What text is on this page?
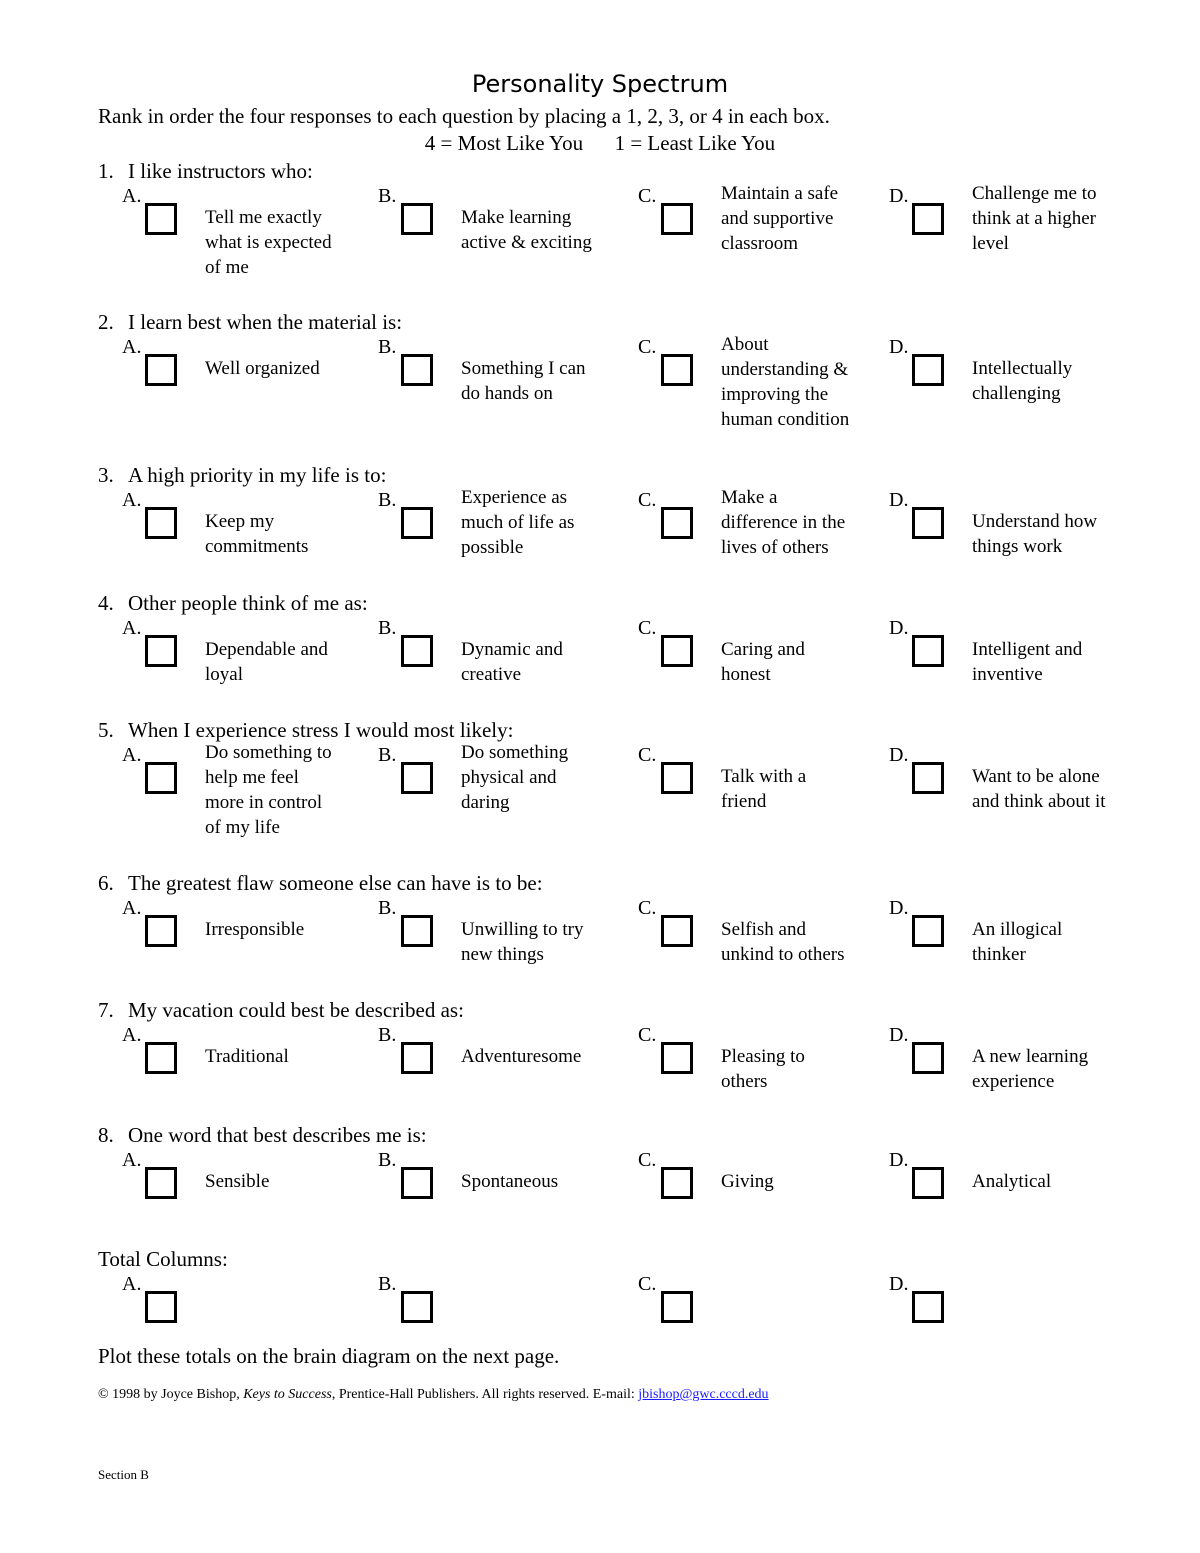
Personality Spectrum
Rank in order the four responses to each question by placing a 1, 2, 3, or 4 in each box.
4 = Most Like You      1 = Least Like You
1. I like instructors who:
A.
Tell me exactly
what is expected
of me
B.
Make learning
active & exciting
C.	Maintain a safe
and supportive
classroom
D.	Challenge me to
think at a higher
level
2. I learn best when the material is:
A.
Well organized
B.
Something I can
do hands on
C.	About
understanding &
improving the
human condition
D.
Intellectually
challenging
3. A high priority in my life is to:
A.
Keep my
commitments
B.	Experience as
much of life as
possible
C.	Make a
difference in the
lives of others
D.
Understand how
things work
4. Other people think of me as:
A.
Dependable and
loyal
B.
Dynamic and
creative
C.
Caring and
honest
D.
Intelligent and
inventive
5. When I experience stress I would most likely:
A.	Do something to
help me feel
more in control
of my life
B.	Do something
physical and
daring
C.
Talk with a
friend
D.
Want to be alone
and think about it
6. The greatest flaw someone else can have is to be:
A.
Irresponsible
B.
Unwilling to try
new things
C.
Selfish and
unkind to others
D.
An illogical
thinker
7. My vacation could best be described as:
A.
Traditional
B.
Adventuresome
C.
Pleasing to
others
D.
A new learning
experience
8. One word that best describes me is:
A.
Sensible
B.
Spontaneous
C.
Giving
D.
Analytical
Total Columns:
A.	B.	C.	D.
Plot these totals on the brain diagram on the next page.
© 1998 by Joyce Bishop, Keys to Success, Prentice-Hall Publishers. All rights reserved. E-mail: jbishop@gwc.cccd.edu
Section B
